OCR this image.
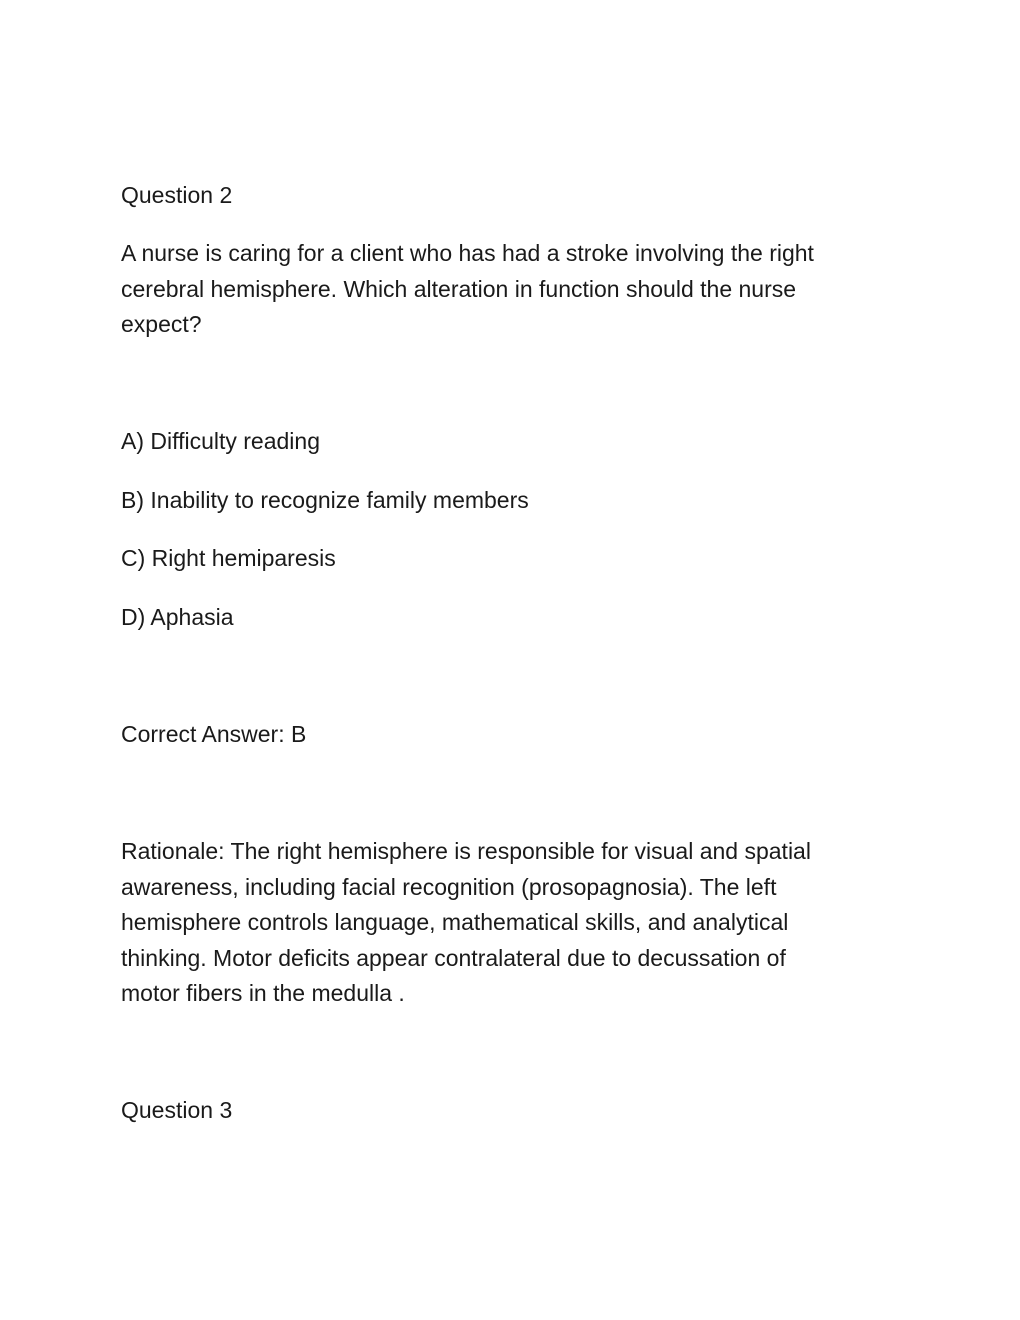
Question 2

A nurse is caring for a client who has had a stroke involving the right
cerebral hemisphere. Which alteration in function should the nurse
expect?

A) Difficulty reading

B) Inability to recognize family members

C) Right hemiparesis

D) Aphasia

Correct Answer: B

Rationale: The right hemisphere is responsible for visual and spatial
awareness, including facial recognition (prosopagnosia). The left
hemisphere controls language, mathematical skills, and analytical
thinking. Motor deficits appear contralateral due to decussation of
motor fibers in the medulla .

Question 3
